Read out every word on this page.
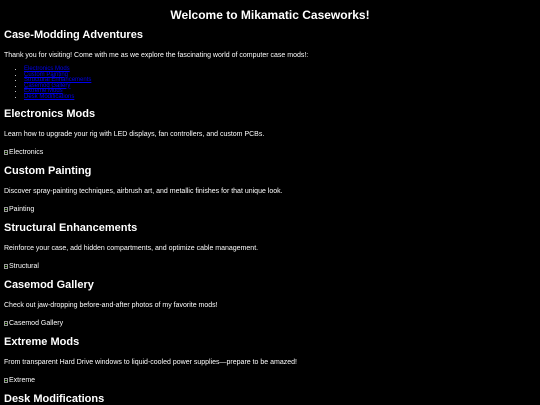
Welcome to Mikamatic Caseworks!
Case-Modding Adventures

Thank you for visiting! Come with me as we explore the fascinating world of computer case mods!:

• Electronics Mods
• Custom Painting
• Structural Enhancements
• Casemod Gallery
• Extreme Mods
• Desk Modifications
Electronics Mods

Learn how to upgrade your rig with LED displays, fan controllers, and custom PCBs.

Electronics
Custom Painting

Discover spray-painting techniques, airbrush art, and metallic finishes for that unique look.

Painting
Structural Enhancements

Reinforce your case, add hidden compartments, and optimize cable management.

Structural
Casemod Gallery

Check out jaw-dropping before-and-after photos of my favorite mods!

Casemod Gallery
Extreme Mods

From transparent Hard Drive windows to liquid-cooled power supplies—prepare to be amazed!

Extreme
Desk Modifications
